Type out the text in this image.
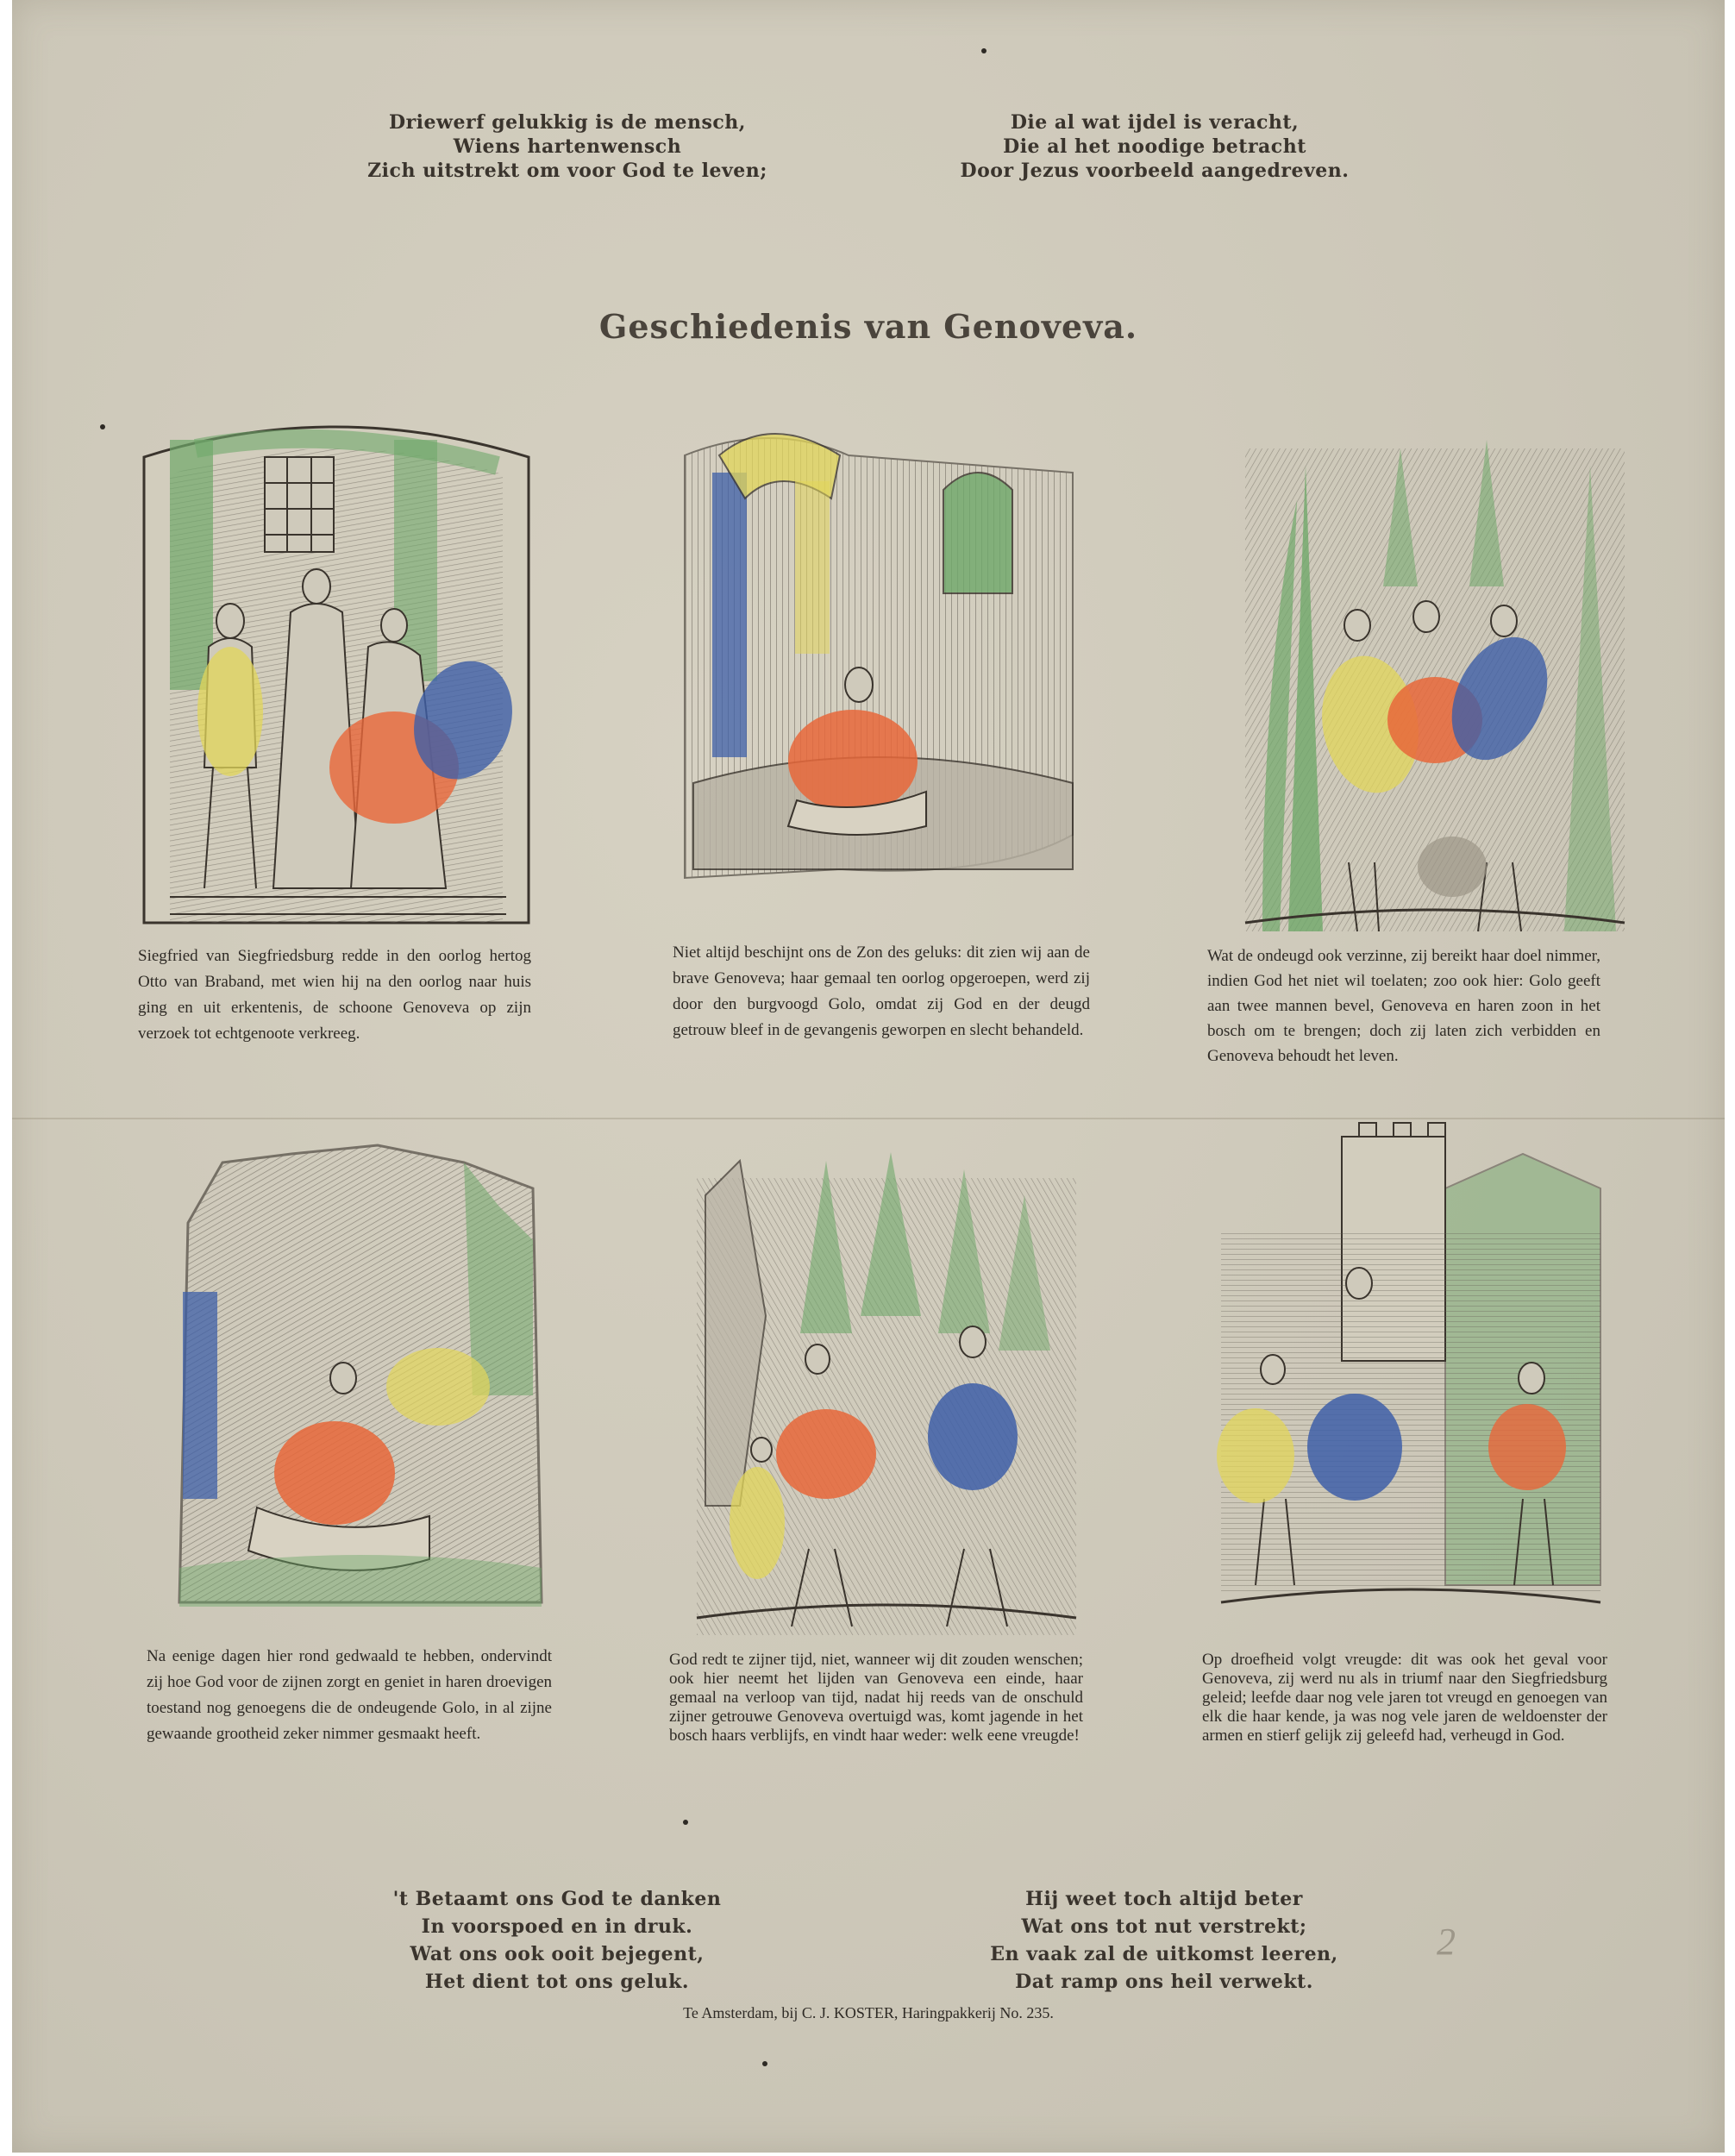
Driewerf gelukkig is de mensch,
Wiens hartenwensch
Zich uitstrekt om voor God te leven;
Die al wat ijdel is veracht,
Die al het noodige betracht
Door Jezus voorbeeld aangedreven.
Geschiedenis van Genoveva.
Siegfried van Siegfriedsburg redde in den oorlog hertog Otto van Braband, met wien hij na den oorlog naar huis ging en uit erkentenis, de schoone Genoveva op zijn verzoek tot echtgenoote verkreeg.
Niet altijd beschijnt ons de Zon des geluks: dit zien wij aan de brave Genoveva; haar gemaal ten oorlog opgeroepen, werd zij door den burgvoogd Golo, omdat zij God en der deugd getrouw bleef in de gevangenis geworpen en slecht behandeld.
Wat de ondeugd ook verzinne, zij bereikt haar doel nimmer, indien God het niet wil toelaten; zoo ook hier: Golo geeft aan twee mannen bevel, Genoveva en haren zoon in het bosch om te brengen; doch zij laten zich verbidden en Genoveva behoudt het leven.
Na eenige dagen hier rond gedwaald te hebben, ondervindt zij hoe God voor de zijnen zorgt en geniet in haren droevigen toestand nog genoegens die de ondeugende Golo, in al zijne gewaande grootheid zeker nimmer gesmaakt heeft.
God redt te zijner tijd, niet, wanneer wij dit zouden wenschen; ook hier neemt het lijden van Genoveva een einde, haar gemaal na verloop van tijd, nadat hij reeds van de onschuld zijner getrouwe Genoveva overtuigd was, komt jagende in het bosch haars verblijfs, en vindt haar weder: welk eene vreugde!
Op droefheid volgt vreugde: dit was ook het geval voor Genoveva, zij werd nu als in triumf naar den Siegfriedsburg geleid; leefde daar nog vele jaren tot vreugd en genoegen van elk die haar kende, ja was nog vele jaren de weldoenster der armen en stierf gelijk zij geleefd had, verheugd in God.
't Betaamt ons God te danken
In voorspoed en in druk.
Wat ons ook ooit bejegent,
Het dient tot ons geluk.
Hij weet toch altijd beter
Wat ons tot nut verstrekt;
En vaak zal de uitkomst leeren,
Dat ramp ons heil verwekt.
Te Amsterdam, bij C. J. KOSTER, Haringpakkerij No. 235.
2
